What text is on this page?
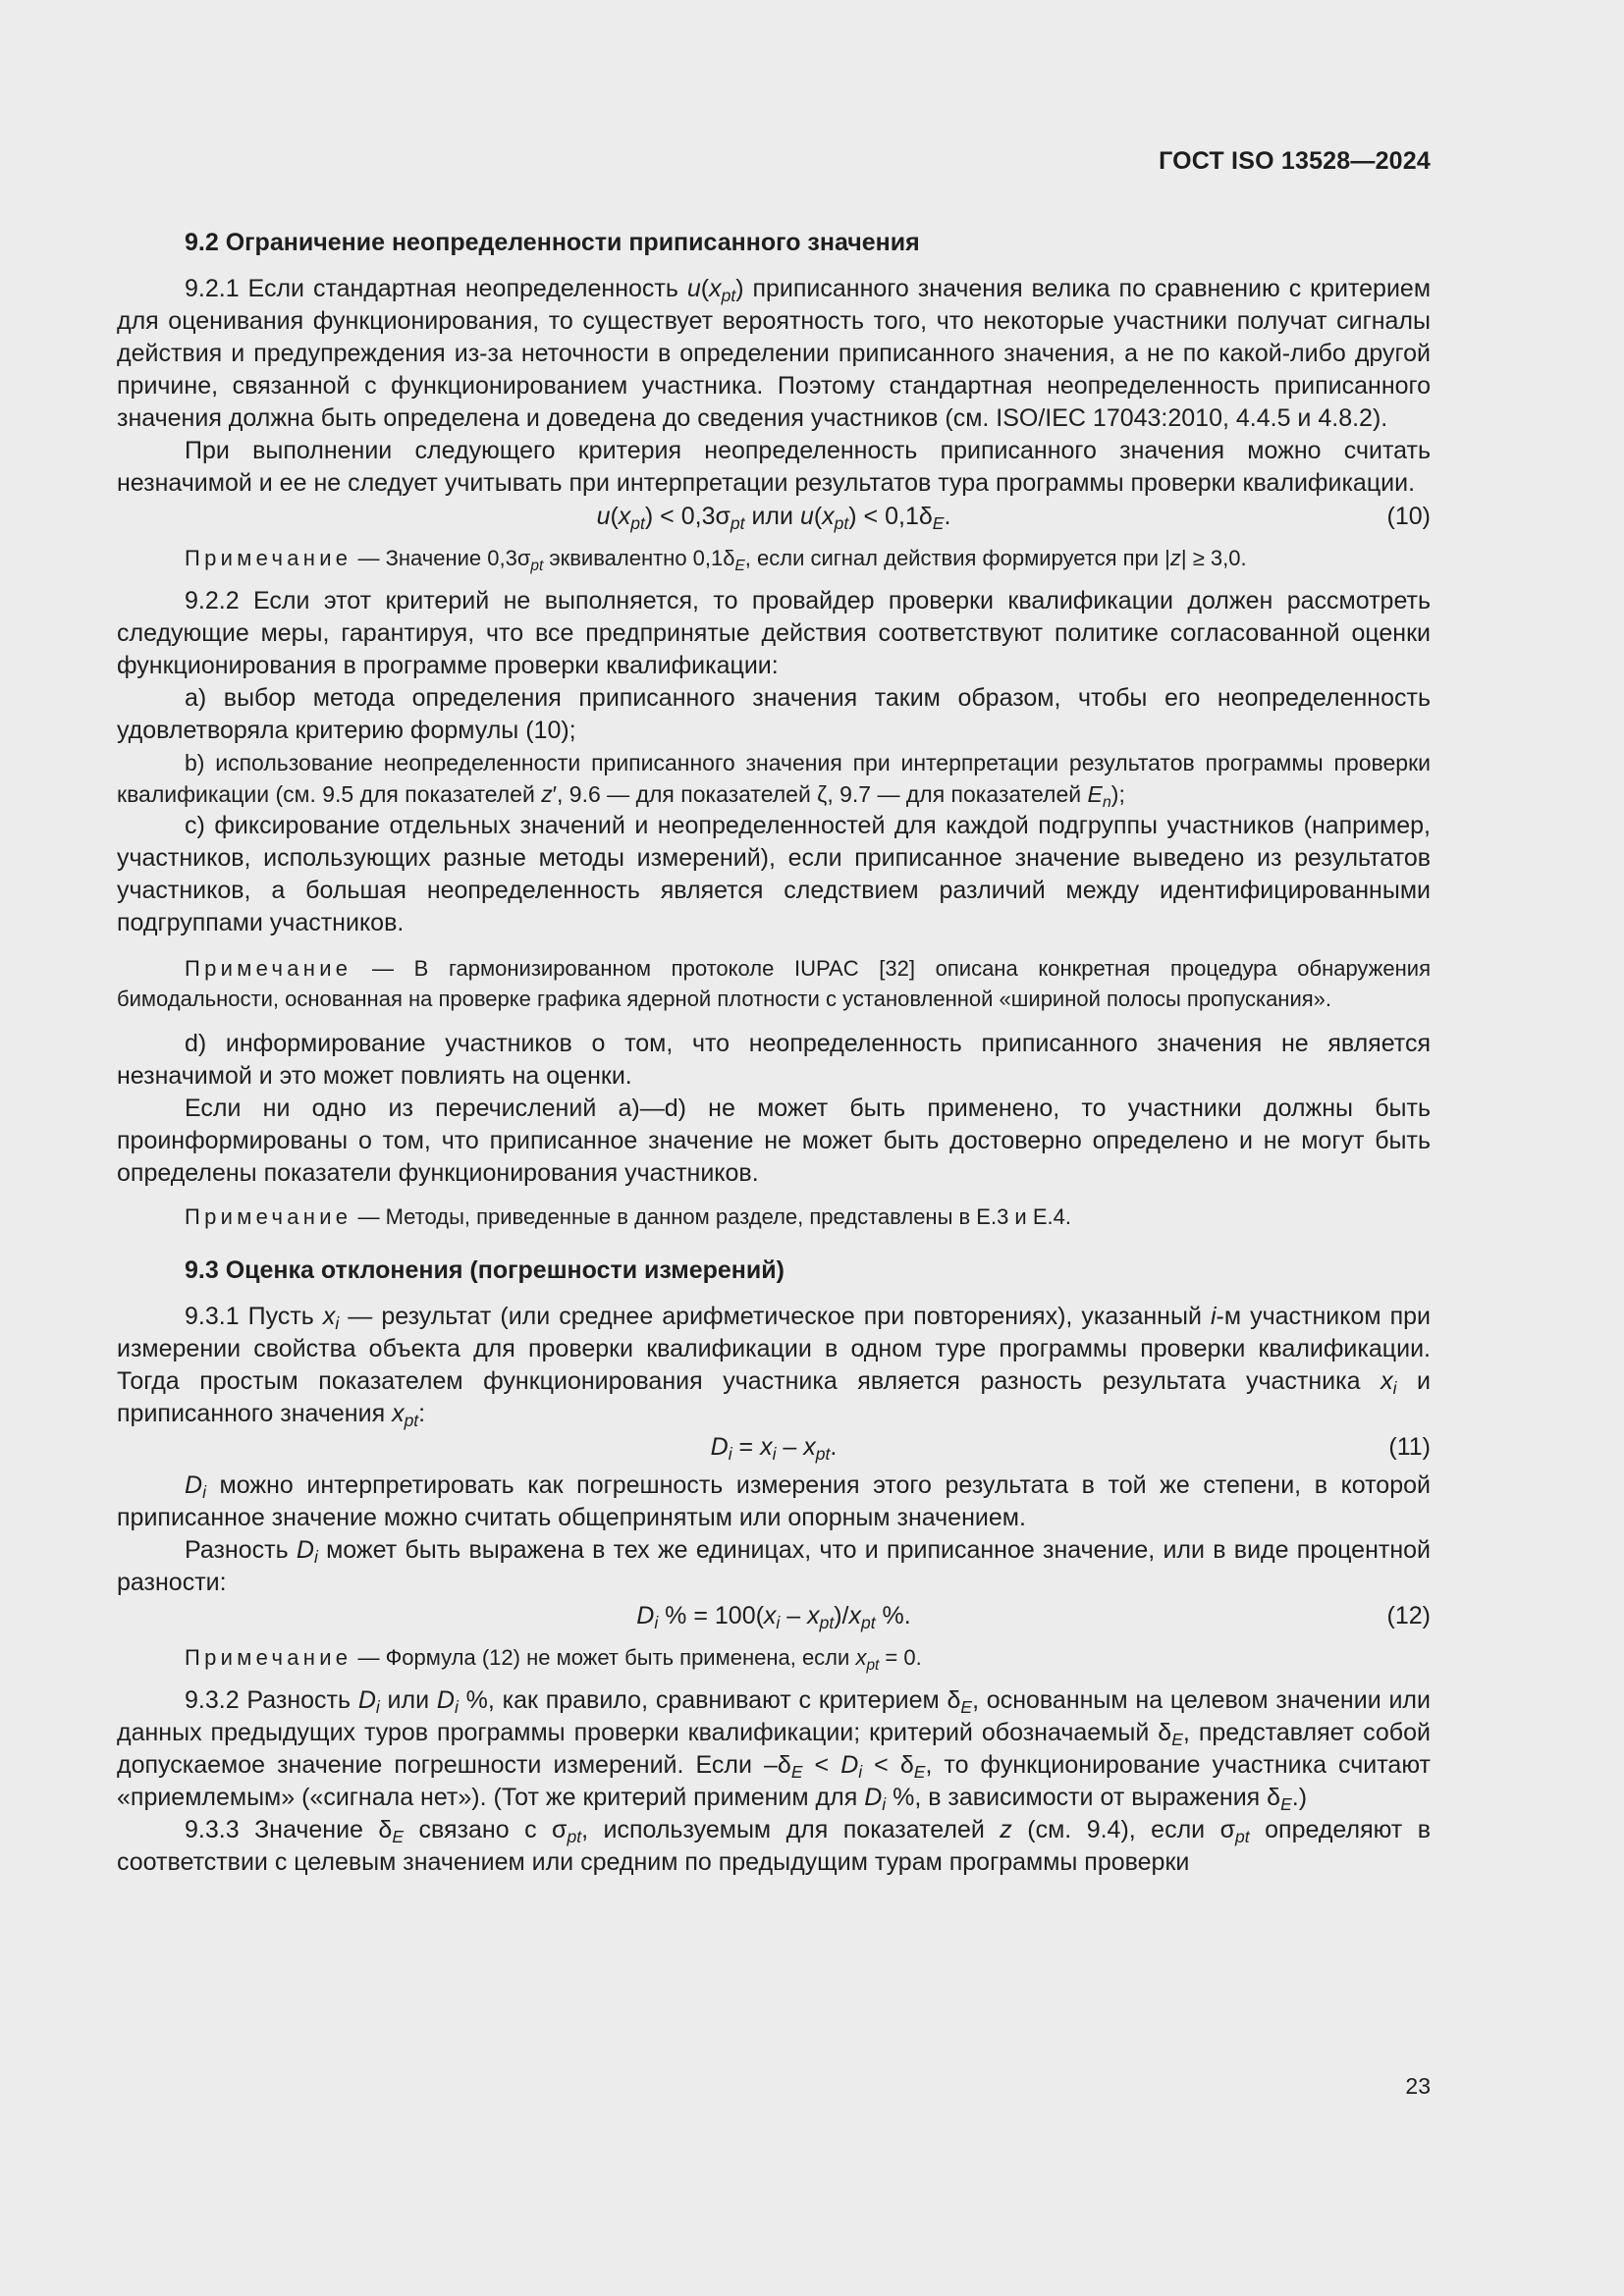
ГОСТ ISO 13528—2024
9.2 Ограничение неопределенности приписанного значения

9.2.1 Если стандартная неопределенность $u(x_{pt})$ приписанного значения велика по сравнению с критерием для оценивания функционирования, то существует вероятность того, что некоторые участники получат сигналы действия и предупреждения из-за неточности в определении приписанного значения, а не по какой-либо другой причине, связанной с функционированием участника. Поэтому стандартная неопределенность приписанного значения должна быть определена и доведена до сведения участников (см. ISO/IEC 17043:2010, 4.4.5 и 4.8.2).

При выполнении следующего критерия неопределенность приписанного значения можно считать незначимой и ее не следует учитывать при интерпретации результатов тура программы проверки квалификации.

$u(x_{pt}) < 0,3\sigma_{pt}$ или $u(x_{pt}) < 0,1\delta_E$.	(10)
Примечание — Значение $0,3\sigma_{pt}$ эквивалентно $0,1\delta_E$, если сигнал действия формируется при |z| ≥ 3,0.

9.2.2 Если этот критерий не выполняется, то провайдер проверки квалификации должен рассмотреть следующие меры, гарантируя, что все предпринятые действия соответствуют политике согласованной оценки функционирования в программе проверки квалификации:

a) выбор метода определения приписанного значения таким образом, чтобы его неопределенность удовлетворяла критерию формулы (10);

b) использование неопределенности приписанного значения при интерпретации результатов программы проверки квалификации (см. 9.5 для показателей z′, 9.6 — для показателей ζ, 9.7 — для показателей $E_n$);

c) фиксирование отдельных значений и неопределенностей для каждой подгруппы участников (например, участников, использующих разные методы измерений), если приписанное значение выведено из результатов участников, а большая неопределенность является следствием различий между идентифицированными подгруппами участников.

Примечание — В гармонизированном протоколе IUPAC [32] описана конкретная процедура обнаружения бимодальности, основанная на проверке графика ядерной плотности с установленной «шириной полосы пропускания».

d) информирование участников о том, что неопределенность приписанного значения не является незначимой и это может повлиять на оценки.

Если ни одно из перечислений a)—d) не может быть применено, то участники должны быть проинформированы о том, что приписанное значение не может быть достоверно определено и не могут быть определены показатели функционирования участников.

Примечание — Методы, приведенные в данном разделе, представлены в E.3 и E.4.
9.3 Оценка отклонения (погрешности измерений)

9.3.1 Пусть $x_i$ — результат (или среднее арифметическое при повторениях), указанный i-м участником при измерении свойства объекта для проверки квалификации в одном туре программы проверки квалификации. Тогда простым показателем функционирования участника является разность результата участника $x_i$ и приписанного значения $x_{pt}$:

$D_i = x_i - x_{pt}$.	(11)

$D_i$ можно интерпретировать как погрешность измерения этого результата в той же степени, в которой приписанное значение можно считать общепринятым или опорным значением.

Разность $D_i$ может быть выражена в тех же единицах, что и приписанное значение, или в виде процентной разности:

$D_i$ % = $100(x_i - x_{pt})/x_{pt}$ %.	(12)
Примечание — Формула (12) не может быть применена, если $x_{pt} = 0$.

9.3.2 Разность $D_i$ или $D_i$ %, как правило, сравнивают с критерием $\delta_E$, основанным на целевом значении или данных предыдущих туров программы проверки квалификации; критерий обозначаемый $\delta_E$, представляет собой допускаемое значение погрешности измерений. Если $-\delta_E < D_i < \delta_E$, то функционирование участника считают «приемлемым» («сигнала нет»). (Тот же критерий применим для $D_i$ %, в зависимости от выражения $\delta_E$.)

9.3.3 Значение $\delta_E$ связано с $\sigma_{pt}$, используемым для показателей z (см. 9.4), если $\sigma_{pt}$ определяют в соответствии с целевым значением или средним по предыдущим турам программы проверки

23
